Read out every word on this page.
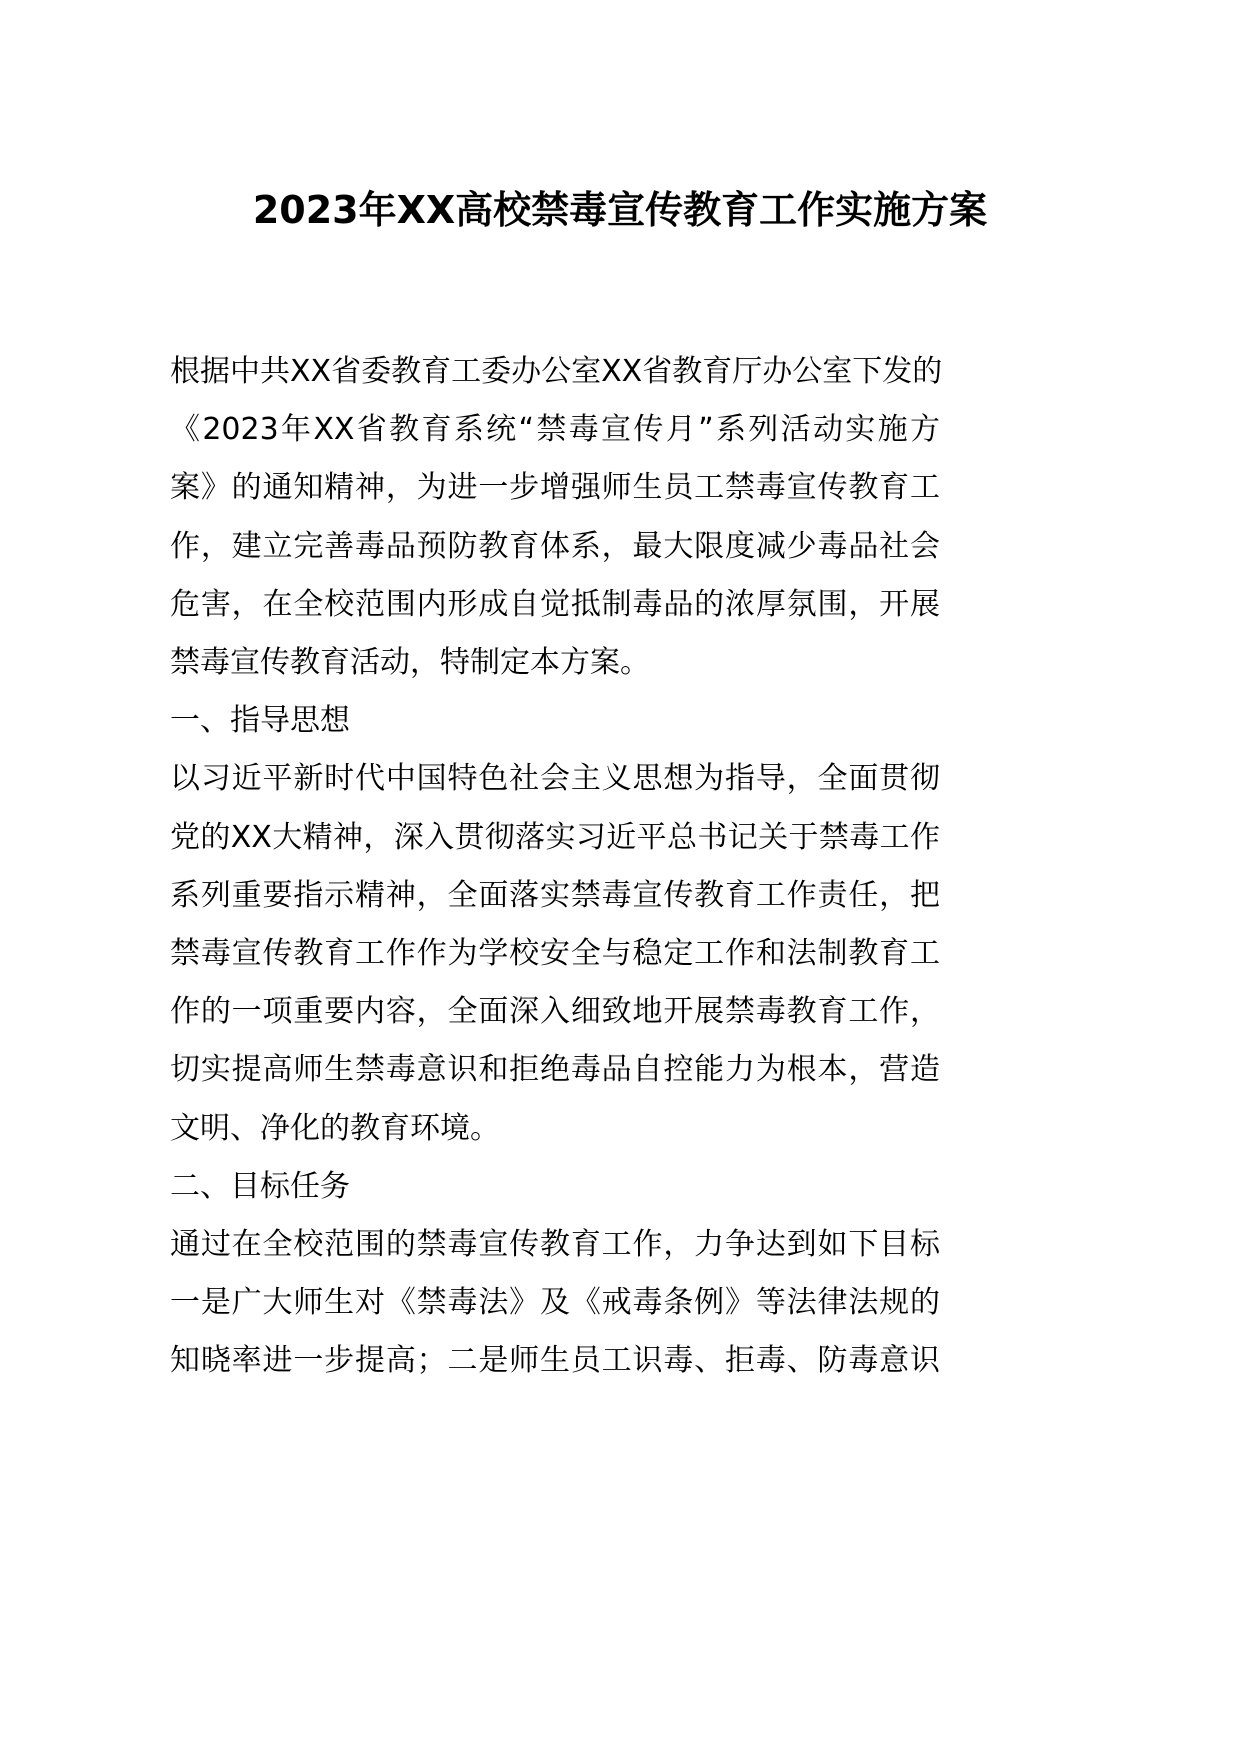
2023年XX高校禁毒宣传教育工作实施方案
根据中共XX省委教育工委办公室XX省教育厅办公室下发的
《2023年XX省教育系统“禁毒宣传月”系列活动实施方
案》的通知精神，为进一步增强师生员工禁毒宣传教育工
作，建立完善毒品预防教育体系，最大限度减少毒品社会
危害，在全校范围内形成自觉抵制毒品的浓厚氛围，开展
禁毒宣传教育活动，特制定本方案。
一、指导思想
以习近平新时代中国特色社会主义思想为指导，全面贯彻
党的XX大精神，深入贯彻落实习近平总书记关于禁毒工作
系列重要指示精神，全面落实禁毒宣传教育工作责任，把
禁毒宣传教育工作作为学校安全与稳定工作和法制教育工
作的一项重要内容，全面深入细致地开展禁毒教育工作，
切实提高师生禁毒意识和拒绝毒品自控能力为根本，营造
文明、净化的教育环境。
二、目标任务
通过在全校范围的禁毒宣传教育工作，力争达到如下目标
一是广大师生对《禁毒法》及《戒毒条例》等法律法规的
知晓率进一步提高；二是师生员工识毒、拒毒、防毒意识
